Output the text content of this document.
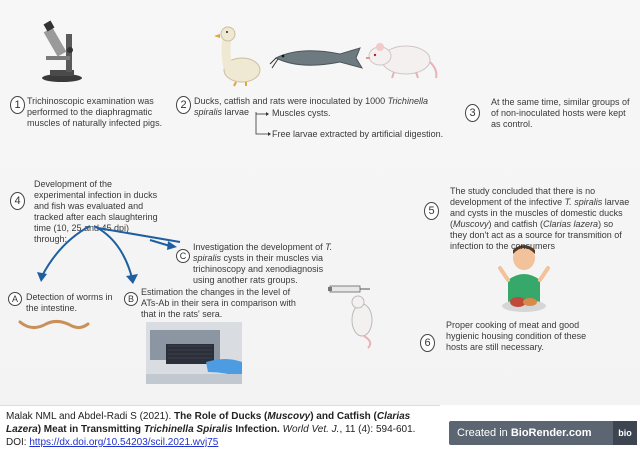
1 Trichinoscopic examination was performed to the diaphragmatic muscles of naturally infected pigs.
2 Ducks, catfish and rats were inoculated by 1000 Trichinella spiralis larvae	Muscles cysts.
Free larvae extracted by artificial digestion.
3
At the same time, similar groups of of non-inoculated hosts were kept as control.
4
Development of the experimental infection in ducks and fish was evaluated and tracked after each slaughtering time (10, 25 and 45 dpi) through:
A Detection of worms in the intestine.
B
Estimation the changes in the level of ATs-Ab in their sera in comparison with that in the rats' sera.
C
Investigation the development of T. spiralis cysts in their muscles via trichinoscopy and xenodiagnosis using another rats groups.
5
The study concluded that there is no development of the infective T. spiralis larvae and cysts in the muscles of domestic ducks (Muscovy) and catfish (Clarias lazera) so they don't act as a source for transmition of infection to the consumers
6
Proper cooking of meat and good hygienic housing condition of these hosts are still necessary.
Malak NML and Abdel-Radi S (2021). The Role of Ducks (Muscovy) and Catfish (Clarias Lazera) Meat in Transmitting Trichinella Spiralis Infection. World Vet. J., 11 (4): 594-601. DOI: https://dx.doi.org/10.54203/scil.2021.wvj75
Created in BioRender.com	bio
